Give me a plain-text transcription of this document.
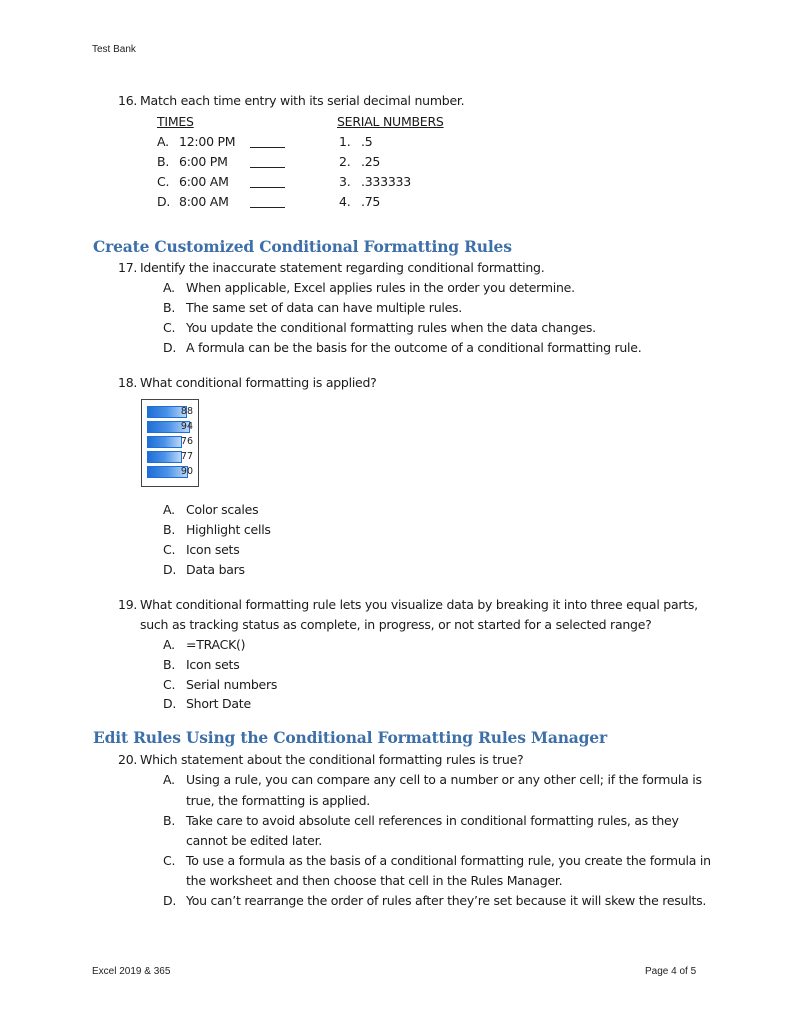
Test Bank
16. Match each time entry with its serial decimal number.
TIMES	SERIAL NUMBERS
A. 12:00 PM	1. .5
B. 6:00 PM	2. .25
C. 6:00 AM	3. .333333
D. 8:00 AM	4. .75
Create Customized Conditional Formatting Rules
17. Identify the inaccurate statement regarding conditional formatting.
A. When applicable, Excel applies rules in the order you determine.
B. The same set of data can have multiple rules.
C. You update the conditional formatting rules when the data changes.
D. A formula can be the basis for the outcome of a conditional formatting rule.
18. What conditional formatting is applied?
88
94
76
77
90
A. Color scales
B. Highlight cells
C. Icon sets
D. Data bars
19. What conditional formatting rule lets you visualize data by breaking it into three equal parts,
such as tracking status as complete, in progress, or not started for a selected range?
A. =TRACK()
B. Icon sets
C. Serial numbers
D. Short Date
Edit Rules Using the Conditional Formatting Rules Manager
20. Which statement about the conditional formatting rules is true?
A. Using a rule, you can compare any cell to a number or any other cell; if the formula is
true, the formatting is applied.
B. Take care to avoid absolute cell references in conditional formatting rules, as they
cannot be edited later.
C. To use a formula as the basis of a conditional formatting rule, you create the formula in
the worksheet and then choose that cell in the Rules Manager.
D. You can’t rearrange the order of rules after they’re set because it will skew the results.
Excel 2019 & 365	Page 4 of 5
